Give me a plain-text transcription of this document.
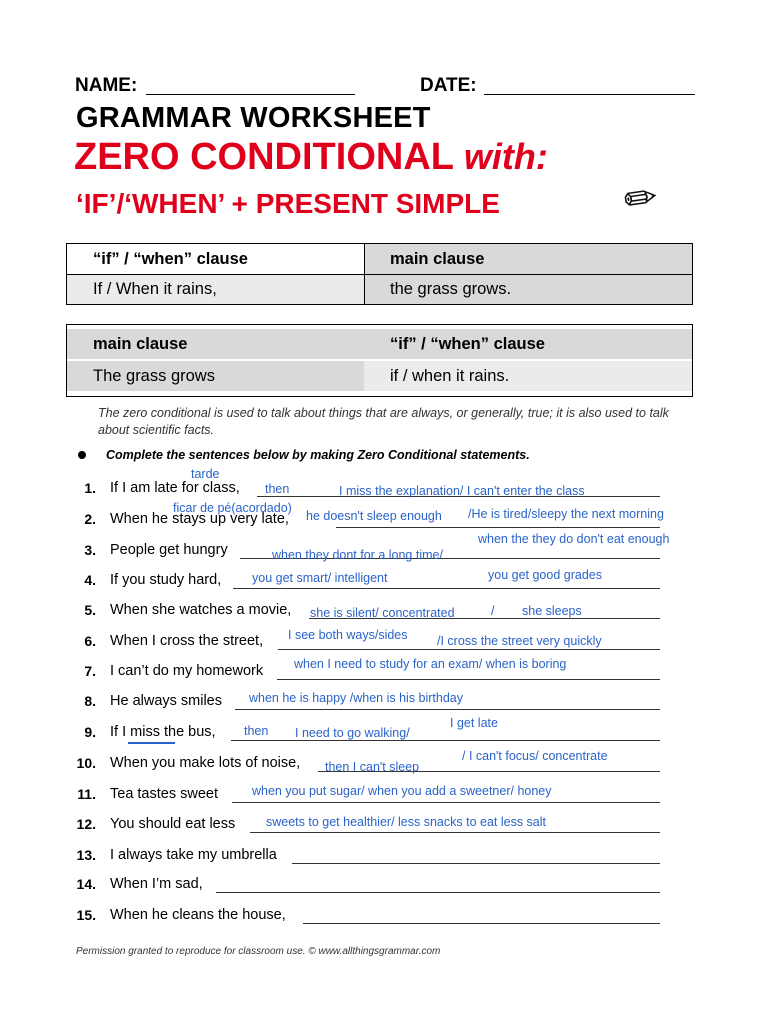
NAME:	DATE:
GRAMMAR WORKSHEET
ZERO CONDITIONAL with:
‘IF’/‘WHEN’ + PRESENT SIMPLE	✏
“if” / “when” clause	main clause
If / When it rains,	the grass grows.
main clause	“if” / “when” clause
The grass grows	if / when it rains.
The zero conditional is used to talk about things that are always, or generally, true; it is also used to talk about scientific facts.
Complete the sentences below by making Zero Conditional statements.
1. If I am late for class,
2. When he stays up very late,
3. People get hungry
4. If you study hard,
5. When she watches a movie,
6. When I cross the street,
7. I can’t do my homework
8. He always smiles
9. If I miss the bus,
10. When you make lots of noise,
11. Tea tastes sweet
12. You should eat less
13. I always take my umbrella
14. When I’m sad,
15. When he cleans the house,
tarde
then	I miss the explanation/ I can't enter the class
ficar de pé(acordado)
he doesn't sleep enough /He is tired/sleepy the next morning
when the they do don't eat enough
when they dont for a long time/
you get smart/ intelligent	you get good grades
she is silent/ concentrated	/ she sleeps
I see both ways/sides /I cross the street very quickly
when I need to study for an exam/ when is boring
when he is happy /when is his birthday
then I need to go walking/
I get late
/ I can't focus/ concentrate
then I can't sleep
when you put sugar/ when you add a sweetner/ honey
sweets to get healthier/ less snacks to eat less salt
Permission granted to reproduce for classroom use. © www.allthingsgrammar.com
